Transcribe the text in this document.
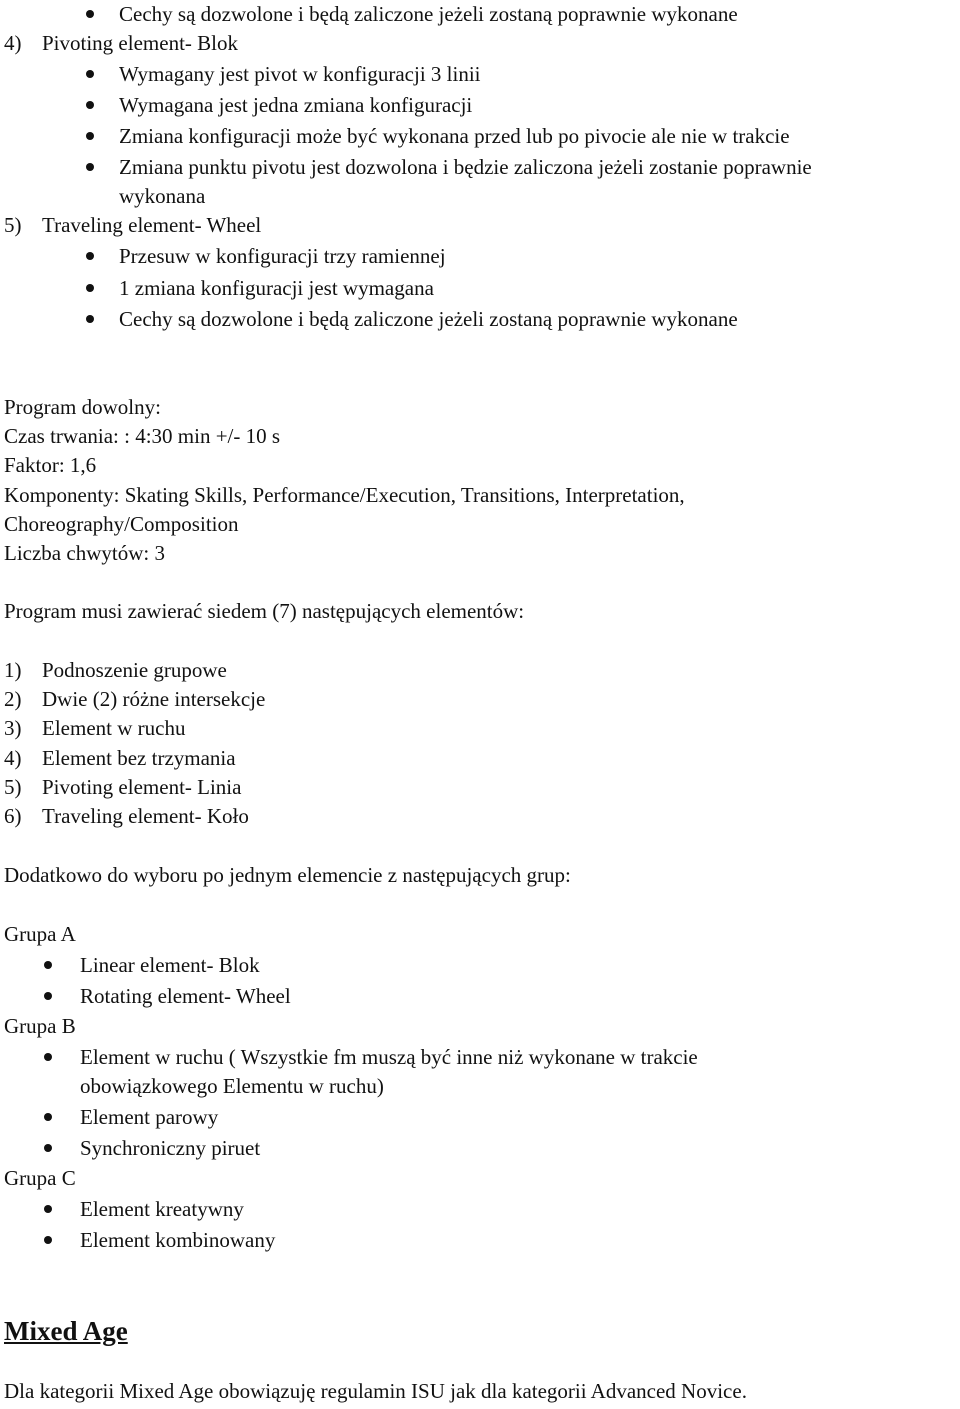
Cechy są dozwolone i będą zaliczone jeżeli zostaną poprawnie wykonane
4) Pivoting element- Blok
Wymagany jest pivot w konfiguracji 3 linii
Wymagana jest jedna zmiana konfiguracji
Zmiana konfiguracji może być wykonana przed lub po pivocie ale nie w trakcie
Zmiana punktu pivotu jest dozwolona i będzie zaliczona jeżeli zostanie poprawnie
wykonana
5) Traveling element- Wheel
Przesuw w konfiguracji trzy ramiennej
1 zmiana konfiguracji jest wymagana
Cechy są dozwolone i będą zaliczone jeżeli zostaną poprawnie wykonane
Program dowolny:
Czas trwania: : 4:30 min +/- 10 s
Faktor: 1,6
Komponenty: Skating Skills, Performance/Execution, Transitions, Interpretation,
Choreography/Composition
Liczba chwytów: 3
Program musi zawierać siedem (7) następujących elementów:
1) Podnoszenie grupowe
2) Dwie (2) różne intersekcje
3) Element w ruchu
4) Element bez trzymania
5) Pivoting element- Linia
6) Traveling element- Koło
Dodatkowo do wyboru po jednym elemencie z następujących grup:
Grupa A
Linear element- Blok
Rotating element- Wheel
Grupa B
Element w ruchu ( Wszystkie fm muszą być inne niż wykonane w trakcie
obowiązkowego Elementu w ruchu)
Element parowy
Synchroniczny piruet
Grupa C
Element kreatywny
Element kombinowany
Mixed Age
Dla kategorii Mixed Age obowiązuję regulamin ISU jak dla kategorii Advanced Novice.
